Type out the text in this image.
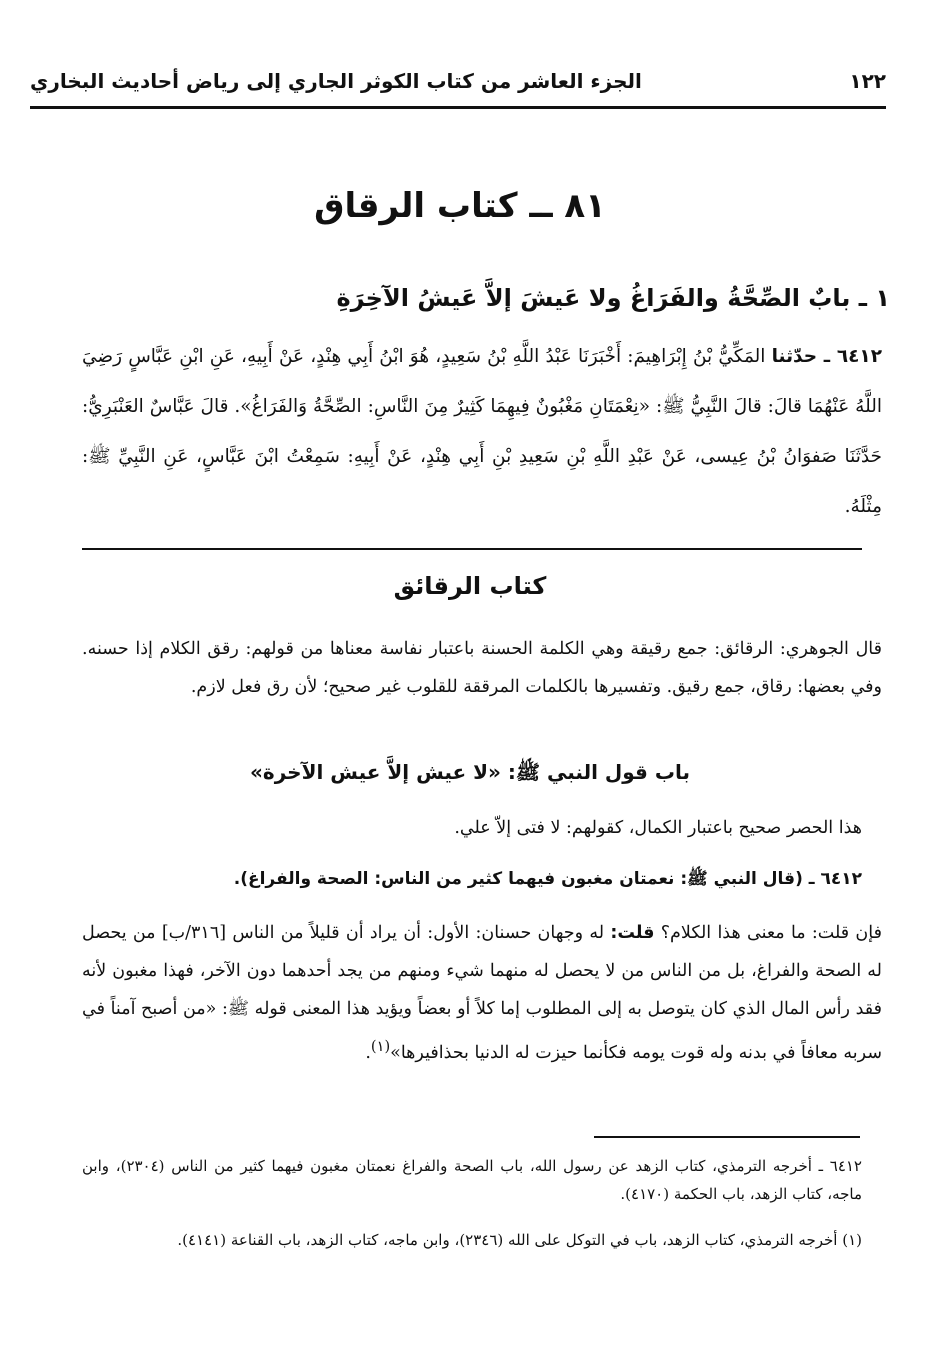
١٢٢
الجزء العاشر من كتاب الكوثر الجاري إلى رياض أحاديث البخاري
٨١ ــ كتاب الرقاق
١ ـ بابٌ الصِّحَّةُ والفَرَاغُ ولا عَيشَ إلاَّ عَيشُ الآخِرَةِ
٦٤١٢ ـ حدّثنا المَكِّيُّ بْنُ إِبْرَاهِيمَ: أَخْبَرَنَا عَبْدُ اللَّهِ بْنُ سَعِيدٍ، هُوَ ابْنُ أَبِي هِنْدٍ، عَنْ أَبِيهِ، عَنِ ابْنِ عَبَّاسٍ رَضِيَ اللَّهُ عَنْهُمَا قالَ: قالَ النَّبِيُّ ﷺ: «نِعْمَتَانِ مَغْبُونٌ فِيهِمَا كَثِيرٌ مِنَ النَّاسِ: الصِّحَّةُ وَالفَرَاغُ». قالَ عَبَّاسٌ العَنْبَرِيُّ: حَدَّثَنَا صَفوَانُ بْنُ عِيسى، عَنْ عَبْدِ اللَّهِ بْنِ سَعِيدِ بْنِ أَبِي هِنْدٍ، عَنْ أَبِيهِ: سَمِعْتُ ابْنَ عَبَّاسٍ، عَنِ النَّبِيِّ ﷺ: مِثْلَهُ.
كتاب الرقائق
قال الجوهري: الرقائق: جمع رقيقة وهي الكلمة الحسنة باعتبار نفاسة معناها من قولهم: رقق الكلام إذا حسنه. وفي بعضها: رقاق، جمع رقيق. وتفسيرها بالكلمات المرققة للقلوب غير صحيح؛ لأن رق فعل لازم.
باب قول النبي ﷺ: «لا عيش إلاَّ عيش الآخرة»
هذا الحصر صحيح باعتبار الكمال، كقولهم: لا فتى إلاّ علي.
٦٤١٢ ـ (قال النبي ﷺ: نعمتان مغبون فيهما كثير من الناس: الصحة والفراغ).
فإن قلت: ما معنى هذا الكلام؟ قلت: له وجهان حسنان: الأول: أن يراد أن قليلاً من الناس [٣١٦/ب] من يحصل له الصحة والفراغ، بل من الناس من لا يحصل له منهما شيء ومنهم من يجد أحدهما دون الآخر، فهذا مغبون لأنه فقد رأس المال الذي كان يتوصل به إلى المطلوب إما كلاً أو بعضاً ويؤيد هذا المعنى قوله ﷺ: «من أصبح آمناً في سربه معافاً في بدنه وله قوت يومه فكأنما حيزت له الدنيا بحذافيرها»$^{(١)}$.
٦٤١٢ ـ أخرجه الترمذي، كتاب الزهد عن رسول الله، باب الصحة والفراغ نعمتان مغبون فيهما كثير من الناس (٢٣٠٤)، وابن ماجه، كتاب الزهد، باب الحكمة (٤١٧٠).
(١) أخرجه الترمذي، كتاب الزهد، باب في التوكل على الله (٢٣٤٦)، وابن ماجه، كتاب الزهد، باب القناعة (٤١٤١).
